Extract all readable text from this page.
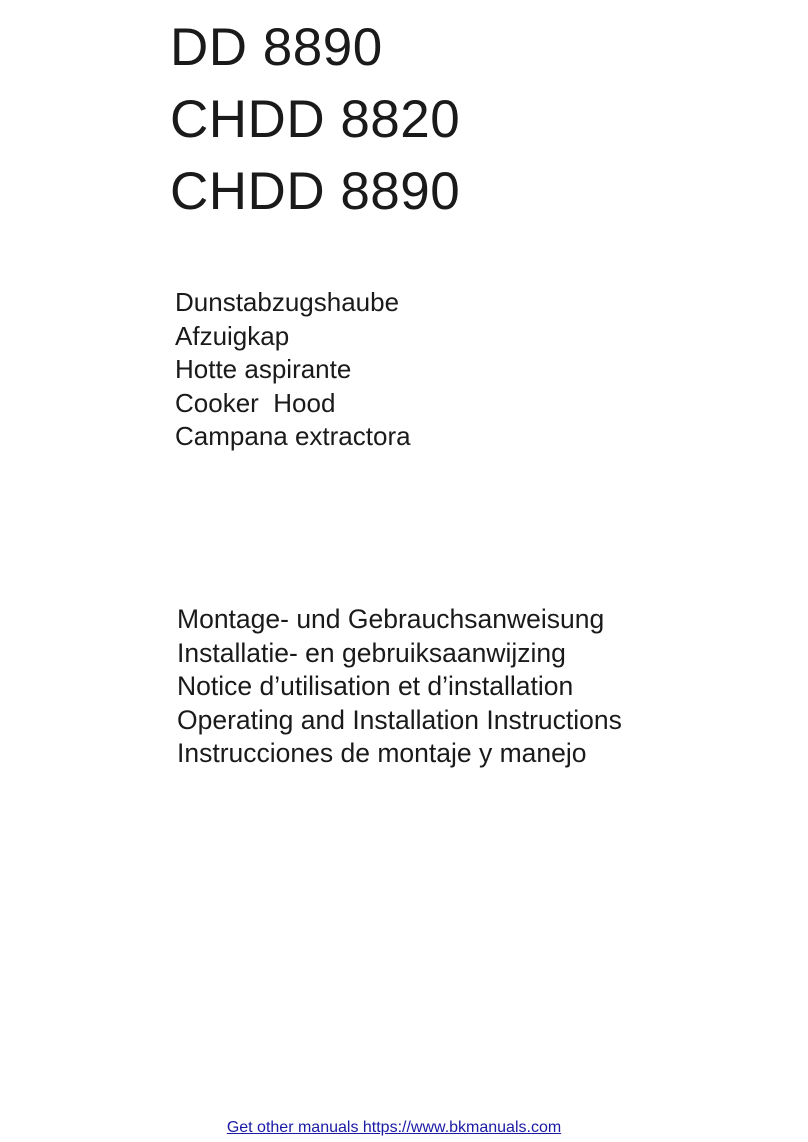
DD 8890
CHDD 8820
CHDD 8890
Dunstabzugshaube
Afzuigkap
Hotte aspirante
Cooker  Hood
Campana extractora
Montage- und Gebrauchsanweisung
Installatie- en gebruiksaanwijzing
Notice d’utilisation et d’installation
Operating and Installation Instructions
Instrucciones de montaje y manejo
Get other manuals https://www.bkmanuals.com
